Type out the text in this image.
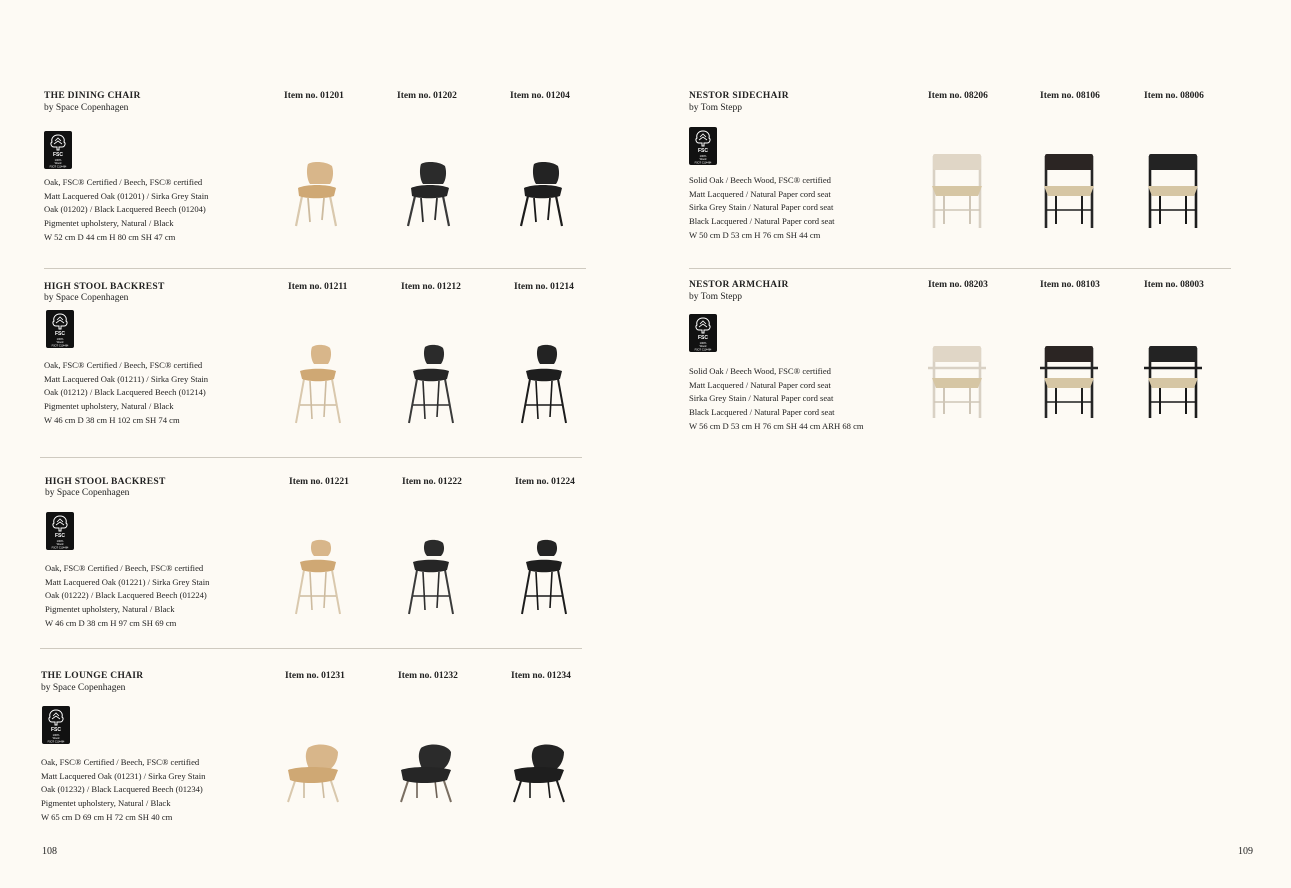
THE DINING CHAIR
by Space Copenhagen
FSC
100%
Wood
FSC® C114484
Oak, FSC® Certified / Beech, FSC® certified
Matt Lacquered Oak (01201) / Sirka Grey Stain
Oak (01202) / Black Lacquered Beech (01204)
Pigmentet upholstery, Natural / Black
W 52 cm D 44 cm H 80 cm SH 47 cm
Item no. 01201	Item no. 01202	Item no. 01204
HIGH STOOL BACKREST
by Space Copenhagen
FSC
100%
Wood
FSC® C114484
Oak, FSC® Certified / Beech, FSC® certified
Matt Lacquered Oak (01211) / Sirka Grey Stain
Oak (01212) / Black Lacquered Beech (01214)
Pigmentet upholstery, Natural / Black
W 46 cm D 38 cm H 102 cm SH 74 cm
Item no. 01211	Item no. 01212	Item no. 01214
HIGH STOOL BACKREST
by Space Copenhagen
FSC
100%
Wood
FSC® C114484
Oak, FSC® Certified / Beech, FSC® certified
Matt Lacquered Oak (01221) / Sirka Grey Stain
Oak (01222) / Black Lacquered Beech (01224)
Pigmentet upholstery, Natural / Black
W 46 cm D 38 cm H 97 cm SH 69 cm
Item no. 01221	Item no. 01222	Item no. 01224
THE LOUNGE CHAIR
by Space Copenhagen
FSC
100%
Wood
FSC® C114484
Oak, FSC® Certified / Beech, FSC® certified
Matt Lacquered Oak (01231) / Sirka Grey Stain
Oak (01232) / Black Lacquered Beech (01234)
Pigmentet upholstery, Natural / Black
W 65 cm D 69 cm H 72 cm SH 40 cm
Item no. 01231	Item no. 01232	Item no. 01234
NESTOR SIDECHAIR
by Tom Stepp
FSC
100%
Wood
FSC® C114484
Solid Oak / Beech Wood, FSC® certified
Matt Lacquered / Natural Paper cord seat
Sirka Grey Stain / Natural Paper cord seat
Black Lacquered / Natural Paper cord seat
W 50 cm D 53 cm H 76 cm SH 44 cm
Item no. 08206	Item no. 08106	Item no. 08006
NESTOR ARMCHAIR
by Tom Stepp
FSC
100%
Wood
FSC® C114484
Solid Oak / Beech Wood, FSC® certified
Matt Lacquered / Natural Paper cord seat
Sirka Grey Stain / Natural Paper cord seat
Black Lacquered / Natural Paper cord seat
W 56 cm D 53 cm H 76 cm SH 44 cm ARH 68 cm
Item no. 08203	Item no. 08103	Item no. 08003
108	109
